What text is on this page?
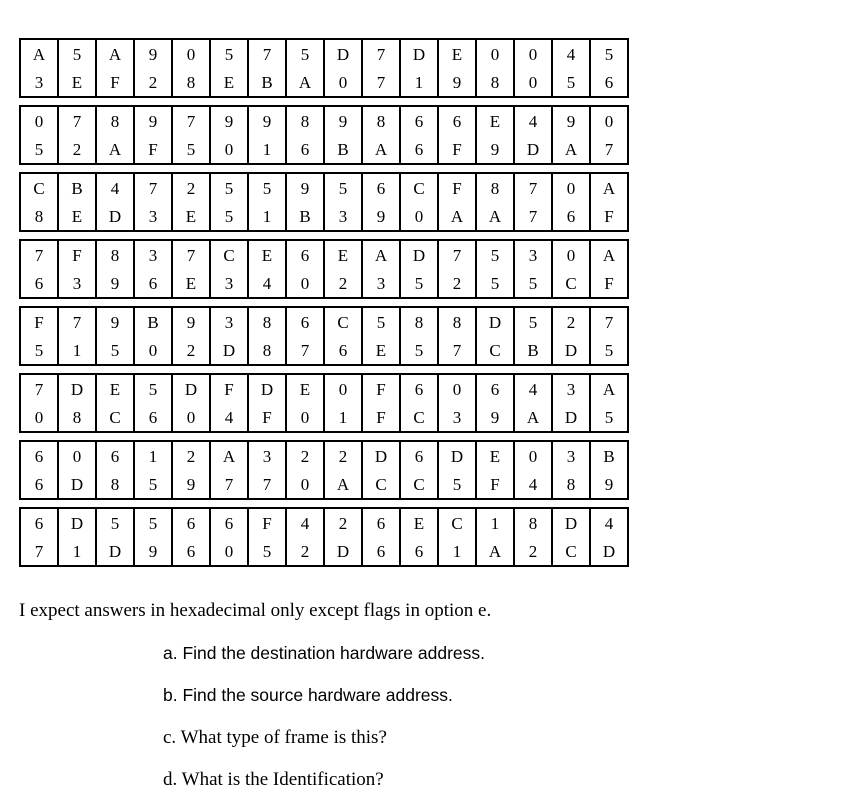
A	5	A	9	0	5	7	5	D	7	D	E	0	0	4	5
3	E	F	2	8	E	B	A	0	7	1	9	8	0	5	6

0	7	8	9	7	9	9	8	9	8	6	6	E	4	9	0
5	2	A	F	5	0	1	6	B	A	6	F	9	D	A	7

C	B	4	7	2	5	5	9	5	6	C	F	8	7	0	A
8	E	D	3	E	5	1	B	3	9	0	A	A	7	6	F

7	F	8	3	7	C	E	6	E	A	D	7	5	3	0	A
6	3	9	6	E	3	4	0	2	3	5	2	5	5	C	F

F	7	9	B	9	3	8	6	C	5	8	8	D	5	2	7
5	1	5	0	2	D	8	7	6	E	5	7	C	B	D	5

7	D	E	5	D	F	D	E	0	F	6	0	6	4	3	A
0	8	C	6	0	4	F	0	1	F	C	3	9	A	D	5

6	0	6	1	2	A	3	2	2	D	6	D	E	0	3	B
6	D	8	5	9	7	7	0	A	C	C	5	F	4	8	9

6	D	5	5	6	6	F	4	2	6	E	C	1	8	D	4
7	1	D	9	6	0	5	2	D	6	6	1	A	2	C	D

I expect answers in hexadecimal only except flags in option e.

a. Find the destination hardware address.

b. Find the source hardware address.

c. What type of frame is this?

d. What is the Identification?
